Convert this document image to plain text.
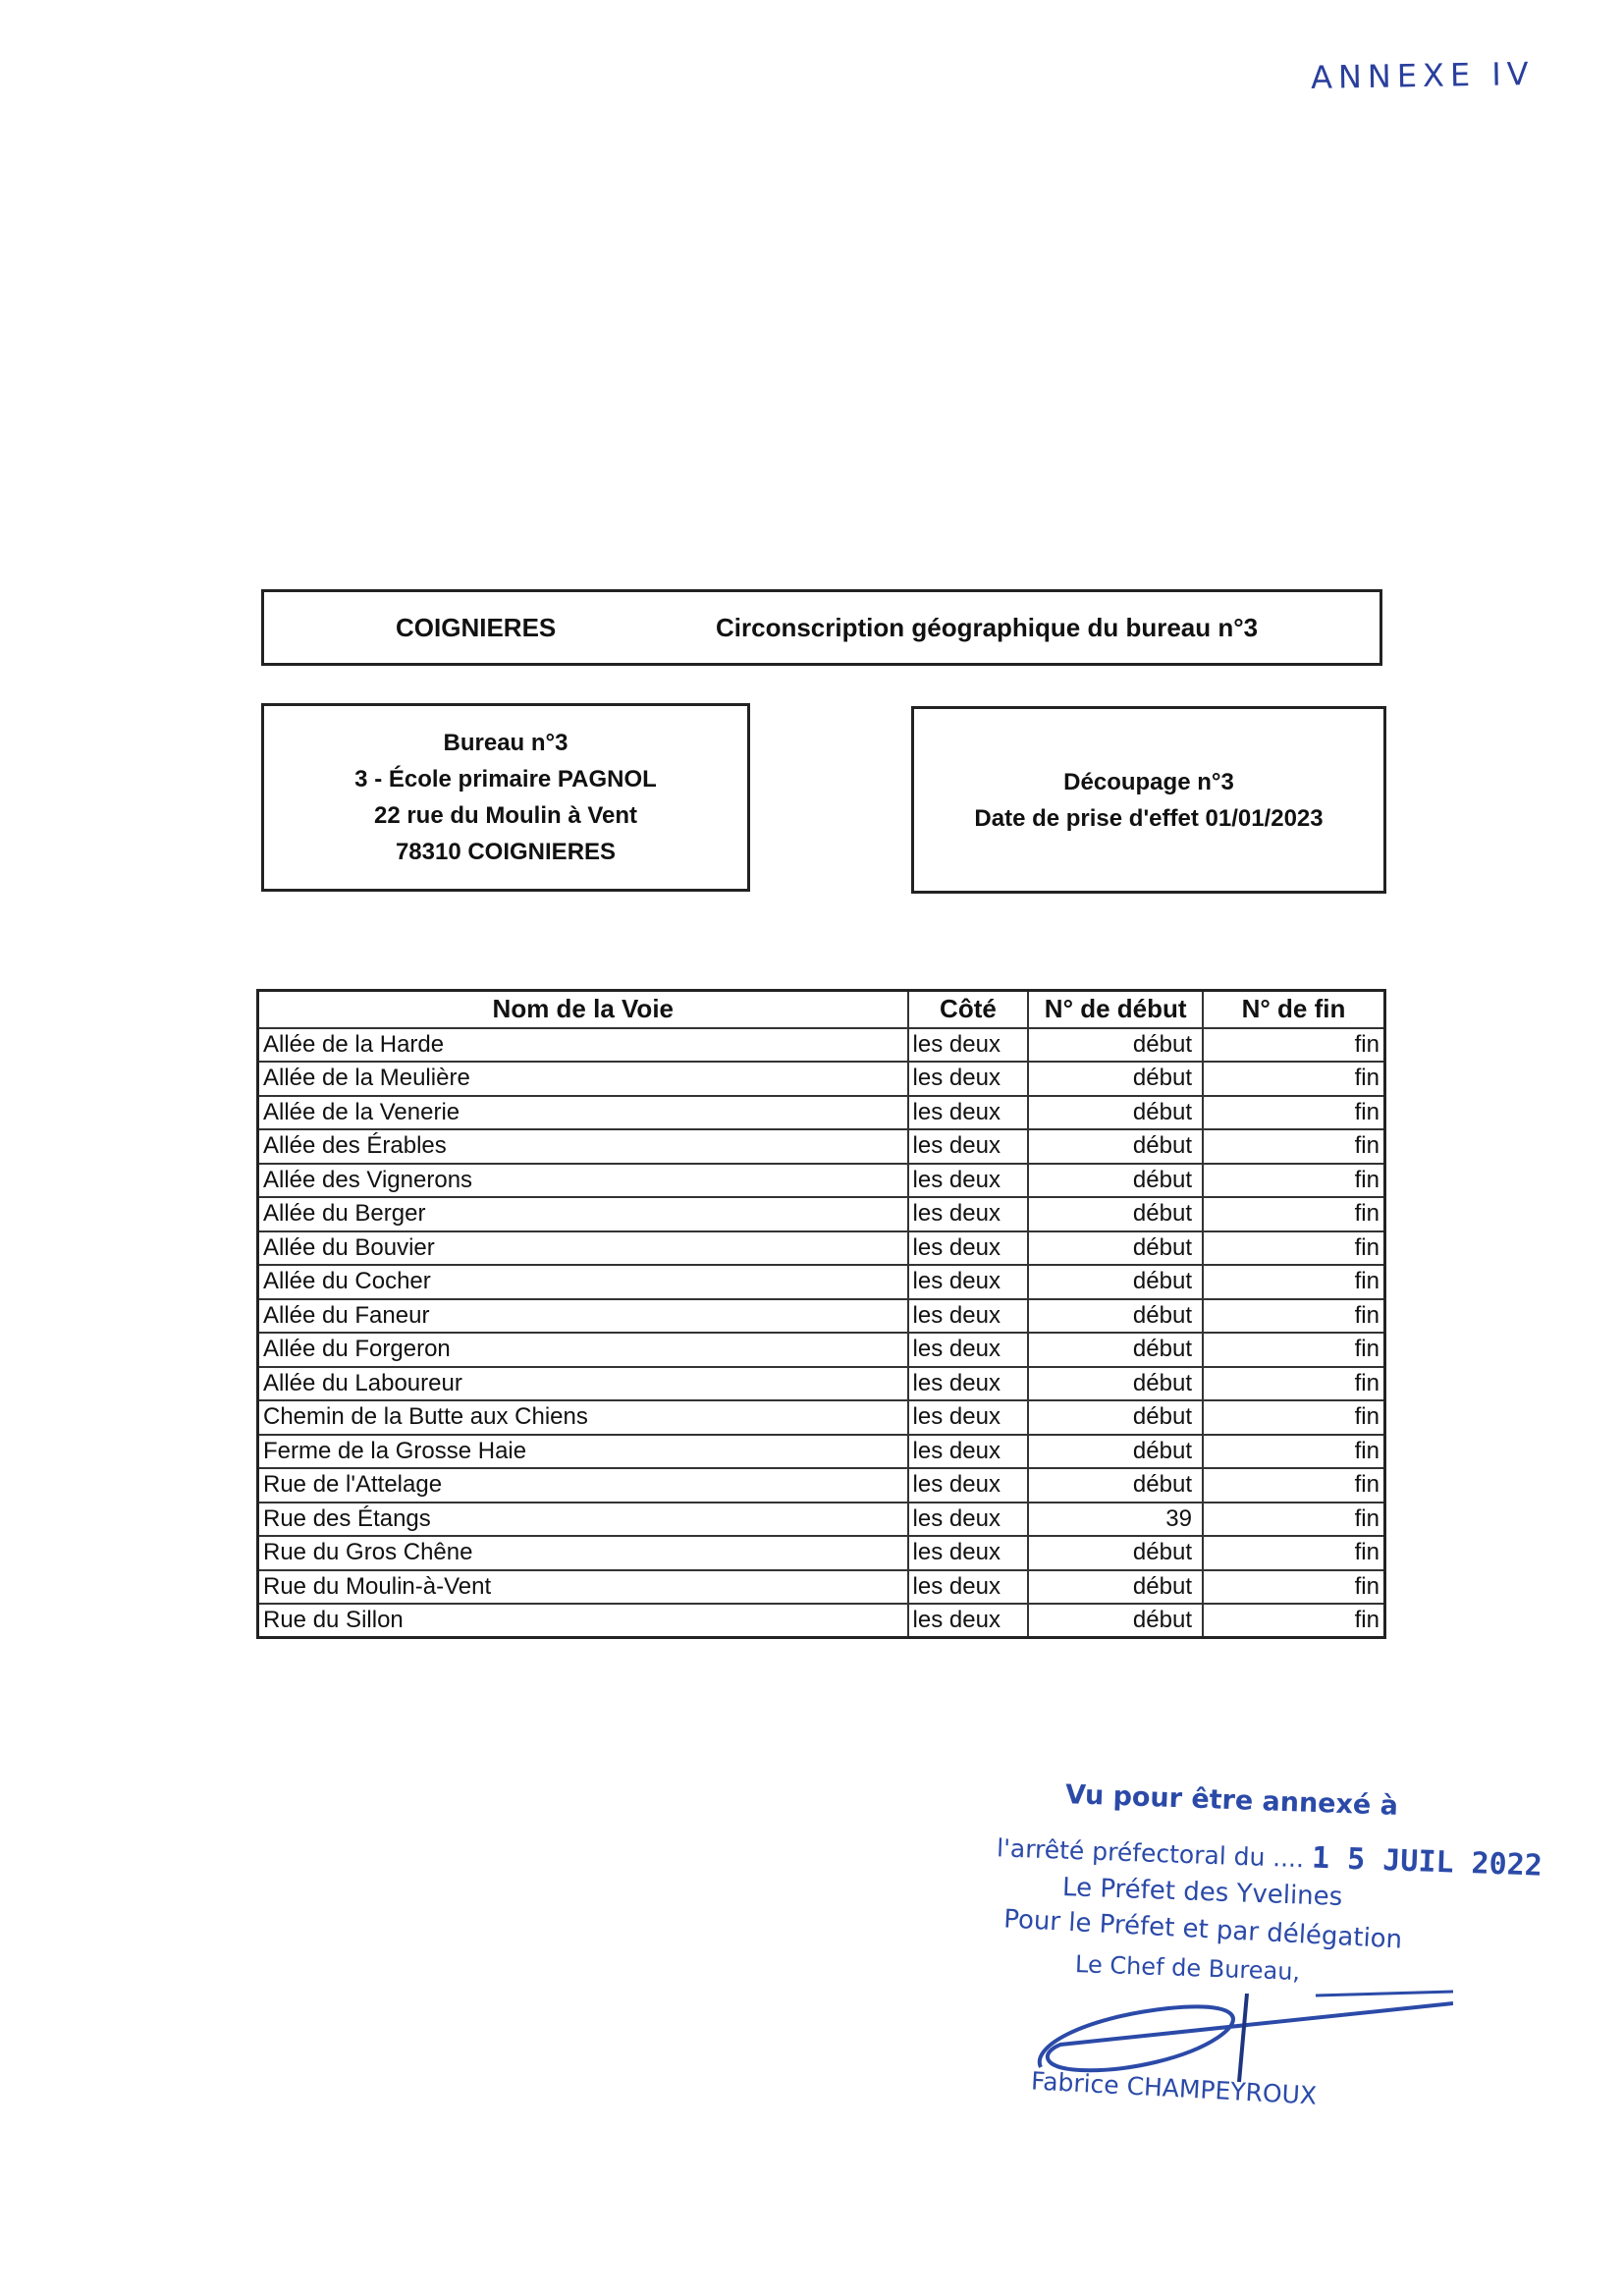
ANNEXE IV
COIGNIERES	Circonscription géographique du bureau n°3
Bureau n°3
3 - École primaire PAGNOL
22 rue du Moulin à Vent
78310 COIGNIERES
Découpage n°3
Date de prise d'effet 01/01/2023
Nom de la Voie	Côté	N° de début	N° de fin
Allée de la Harde	les deux	début	fin
Allée de la Meulière	les deux	début	fin
Allée de la Venerie	les deux	début	fin
Allée des Érables	les deux	début	fin
Allée des Vignerons	les deux	début	fin
Allée du Berger	les deux	début	fin
Allée du Bouvier	les deux	début	fin
Allée du Cocher	les deux	début	fin
Allée du Faneur	les deux	début	fin
Allée du Forgeron	les deux	début	fin
Allée du Laboureur	les deux	début	fin
Chemin de la Butte aux Chiens	les deux	début	fin
Ferme de la Grosse Haie	les deux	début	fin
Rue de l'Attelage	les deux	début	fin
Rue des Étangs	les deux	39	fin
Rue du Gros Chêne	les deux	début	fin
Rue du Moulin-à-Vent	les deux	début	fin
Rue du Sillon	les deux	début	fin
Vu pour être annexé à
l'arrêté préfectoral du .... 1 5 JUIL 2022
Le Préfet des Yvelines
Pour le Préfet et par délégation
Le Chef de Bureau,
Fabrice CHAMPEYROUX
